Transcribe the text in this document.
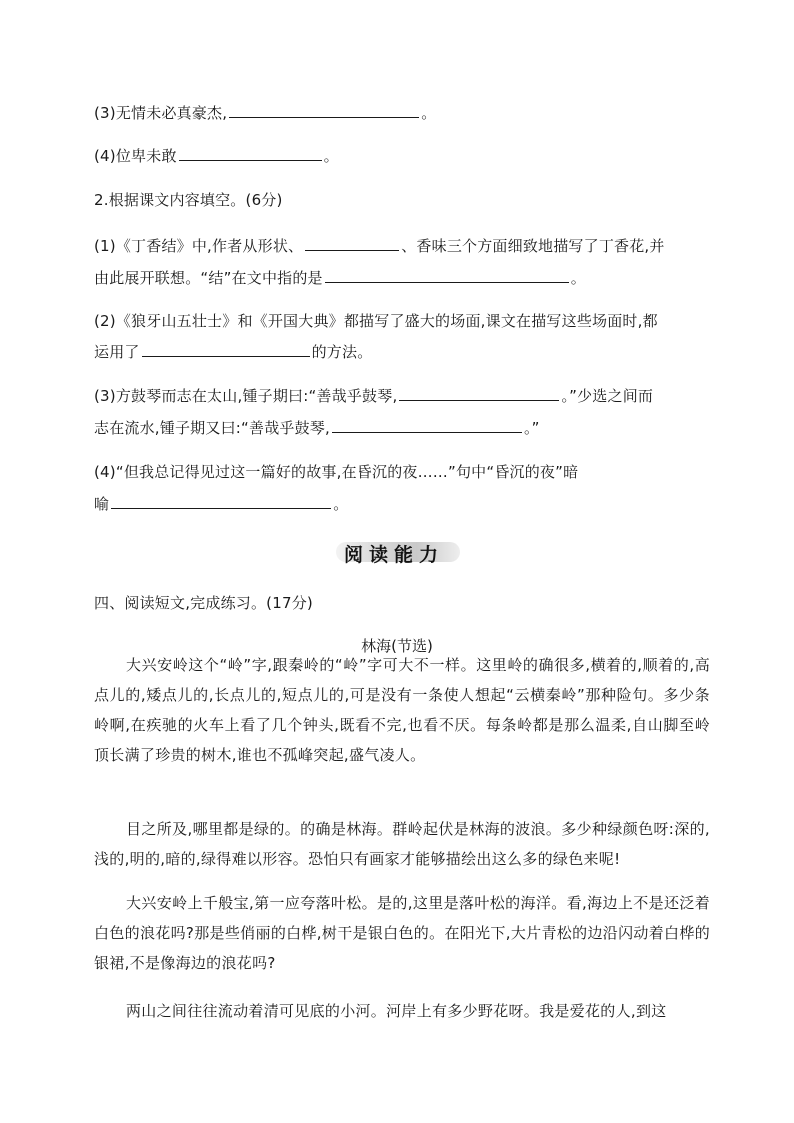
(3)无情未必真豪杰,	。
(4)位卑未敢	。
2.根据课文内容填空。(6分)
(1)《丁香结》中,作者从形状、	、香味三个方面细致地描写了丁香花,并
由此展开联想。“结”在文中指的是	。
(2)《狼牙山五壮士》和《开国大典》都描写了盛大的场面,课文在描写这些场面时,都
运用了	的方法。
(3)方鼓琴而志在太山,锺子期曰:“善哉乎鼓琴,	。”少选之间而
志在流水,锺子期又曰:“善哉乎鼓琴,	。”
(4)“但我总记得见过这一篇好的故事,在昏沉的夜……”句中“昏沉的夜”暗
喻	。
阅读能力
四、阅读短文,完成练习。(17分)
林海(节选)
大兴安岭这个“岭”字,跟秦岭的“岭”字可大不一样。这里岭的确很多,横着的,顺着的,高点儿的,矮点儿的,长点儿的,短点儿的,可是没有一条使人想起“云横秦岭”那种险句。多少条岭啊,在疾驰的火车上看了几个钟头,既看不完,也看不厌。每条岭都是那么温柔,自山脚至岭顶长满了珍贵的树木,谁也不孤峰突起,盛气凌人。
目之所及,哪里都是绿的。的确是林海。群岭起伏是林海的波浪。多少种绿颜色呀:深的,浅的,明的,暗的,绿得难以形容。恐怕只有画家才能够描绘出这么多的绿色来呢!
大兴安岭上千般宝,第一应夸落叶松。是的,这里是落叶松的海洋。看,海边上不是还泛着白色的浪花吗?那是些俏丽的白桦,树干是银白色的。在阳光下,大片青松的边沿闪动着白桦的银裙,不是像海边的浪花吗?
两山之间往往流动着清可见底的小河。河岸上有多少野花呀。我是爱花的人,到这
